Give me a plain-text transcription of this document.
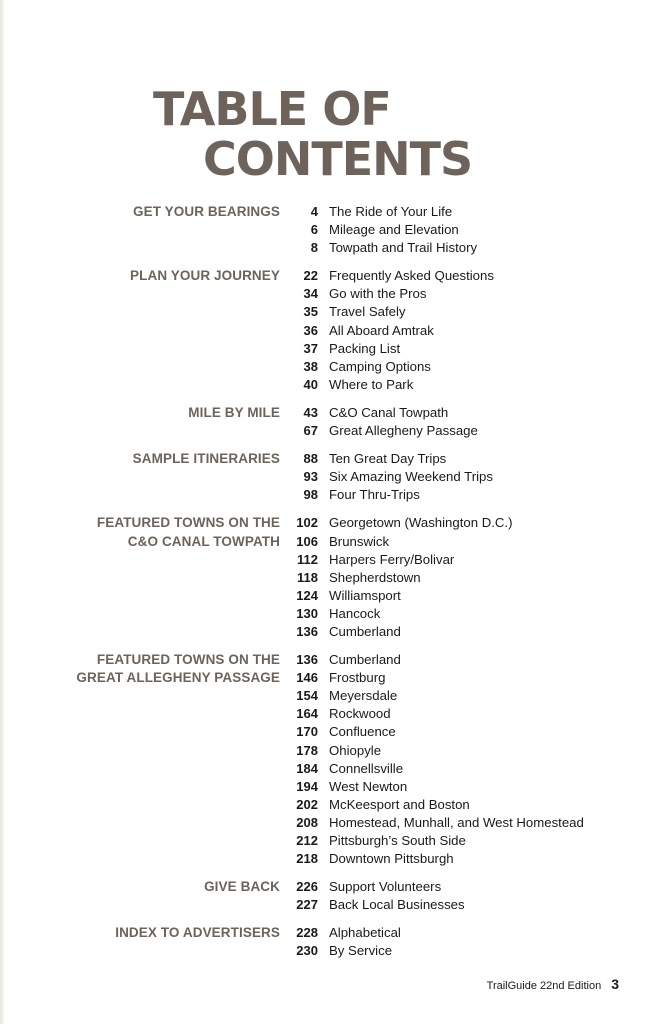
TABLE OF
CONTENTS
GET YOUR BEARINGS 4 The Ride of Your Life
6 Mileage and Elevation
8 Towpath and Trail History
PLAN YOUR JOURNEY 22 Frequently Asked Questions
34 Go with the Pros
35 Travel Safely
36 All Aboard Amtrak
37 Packing List
38 Camping Options
40 Where to Park
MILE BY MILE 43 C&O Canal Towpath
67 Great Allegheny Passage
SAMPLE ITINERARIES 88 Ten Great Day Trips
93 Six Amazing Weekend Trips
98 Four Thru-Trips
FEATURED TOWNS ON THE
C&O CANAL TOWPATH
102 Georgetown (Washington D.C.)
106 Brunswick
112 Harpers Ferry/Bolivar
118 Shepherdstown
124 Williamsport
130 Hancock
136 Cumberland
FEATURED TOWNS ON THE
GREAT ALLEGHENY PASSAGE
136 Cumberland
146 Frostburg
154 Meyersdale
164 Rockwood
170 Confluence
178 Ohiopyle
184 Connellsville
194 West Newton
202 McKeesport and Boston
208 Homestead, Munhall, and West Homestead
212 Pittsburgh’s South Side
218 Downtown Pittsburgh
GIVE BACK 226 Support Volunteers
227 Back Local Businesses
INDEX TO ADVERTISERS 228 Alphabetical
230 By Service
TrailGuide 22nd Edition 3
